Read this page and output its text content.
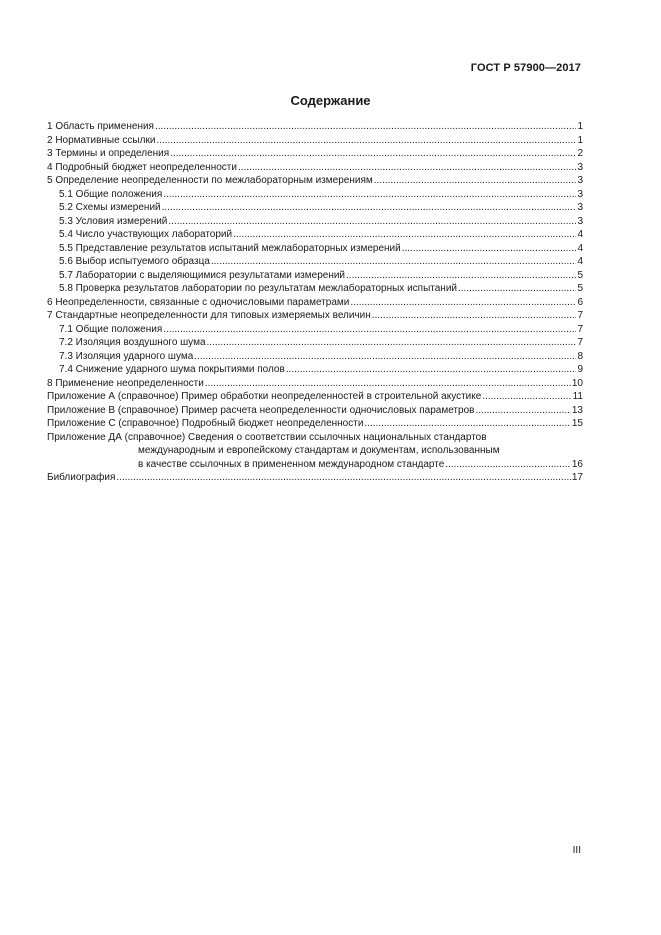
ГОСТ Р 57900—2017
Содержание
1 Область применения .....	1
2 Нормативные ссылки .....	1
3 Термины и определения .....	2
4 Подробный бюджет неопределенности .....	3
5 Определение неопределенности по межлабораторным измерениям .....	3
5.1 Общие положения .....	3
5.2 Схемы измерений .....	3
5.3 Условия измерений .....	3
5.4 Число участвующих лабораторий .....	4
5.5 Представление результатов испытаний межлабораторных измерений .....	4
5.6 Выбор испытуемого образца .....	4
5.7 Лаборатории с выделяющимися результатами измерений .....	5
5.8 Проверка результатов лаборатории по результатам межлабораторных испытаний .....	5
6 Неопределенности, связанные с одночисловыми параметрами .....	6
7 Стандартные неопределенности для типовых измеряемых величин .....	7
7.1 Общие положения .....	7
7.2 Изоляция воздушного шума .....	7
7.3 Изоляция ударного шума .....	8
7.4 Снижение ударного шума покрытиями полов .....	9
8 Применение неопределенности .....	10
Приложение А (справочное) Пример обработки неопределенностей в строительной акустике .....	11
Приложение В (справочное) Пример расчета неопределенности одночисловых параметров .....	13
Приложение С (справочное) Подробный бюджет неопределенности .....	15
Приложение ДА (справочное) Сведения о соответствии ссылочных национальных стандартов
международным и европейскому стандартам и документам, использованным
в качестве ссылочных в примененном международном стандарте .....	16
Библиография .....	17
III
